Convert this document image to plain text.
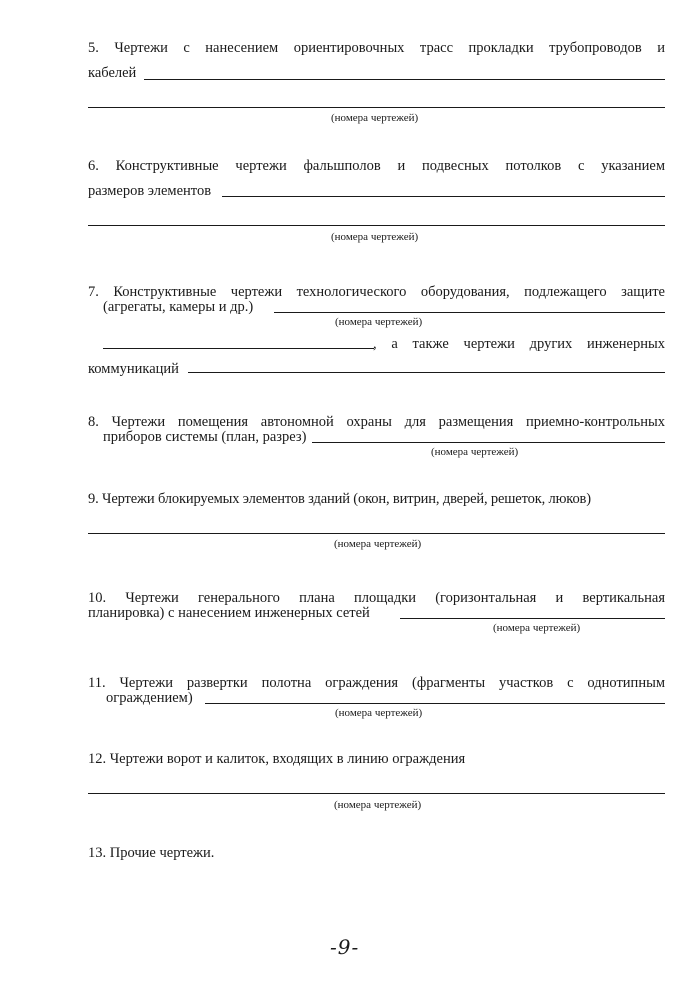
5. Чертежи с нанесением ориентировочных трасс прокладки трубопроводов и
кабелей
(номера чертежей)
6. Конструктивные чертежи фальшполов и подвесных потолков с указанием
размеров элементов
(номера чертежей)
7. Конструктивные чертежи технологического оборудования, подлежащего защите
(агрегаты, камеры и др.)
(номера чертежей)
, а также чертежи других инженерных
коммуникаций
8. Чертежи помещения автономной охраны для размещения приемно-контрольных
приборов системы (план, разрез)
(номера чертежей)
9. Чертежи блокируемых элементов зданий (окон, витрин, дверей, решеток, люков)
(номера чертежей)
10. Чертежи генерального плана площадки (горизонтальная и вертикальная
планировка) с нанесением инженерных сетей
(номера чертежей)
11. Чертежи развертки полотна ограждения (фрагменты участков с однотипным
ограждением)
(номера чертежей)
12. Чертежи ворот и калиток, входящих в линию ограждения
(номера чертежей)
13. Прочие чертежи.
-9-
